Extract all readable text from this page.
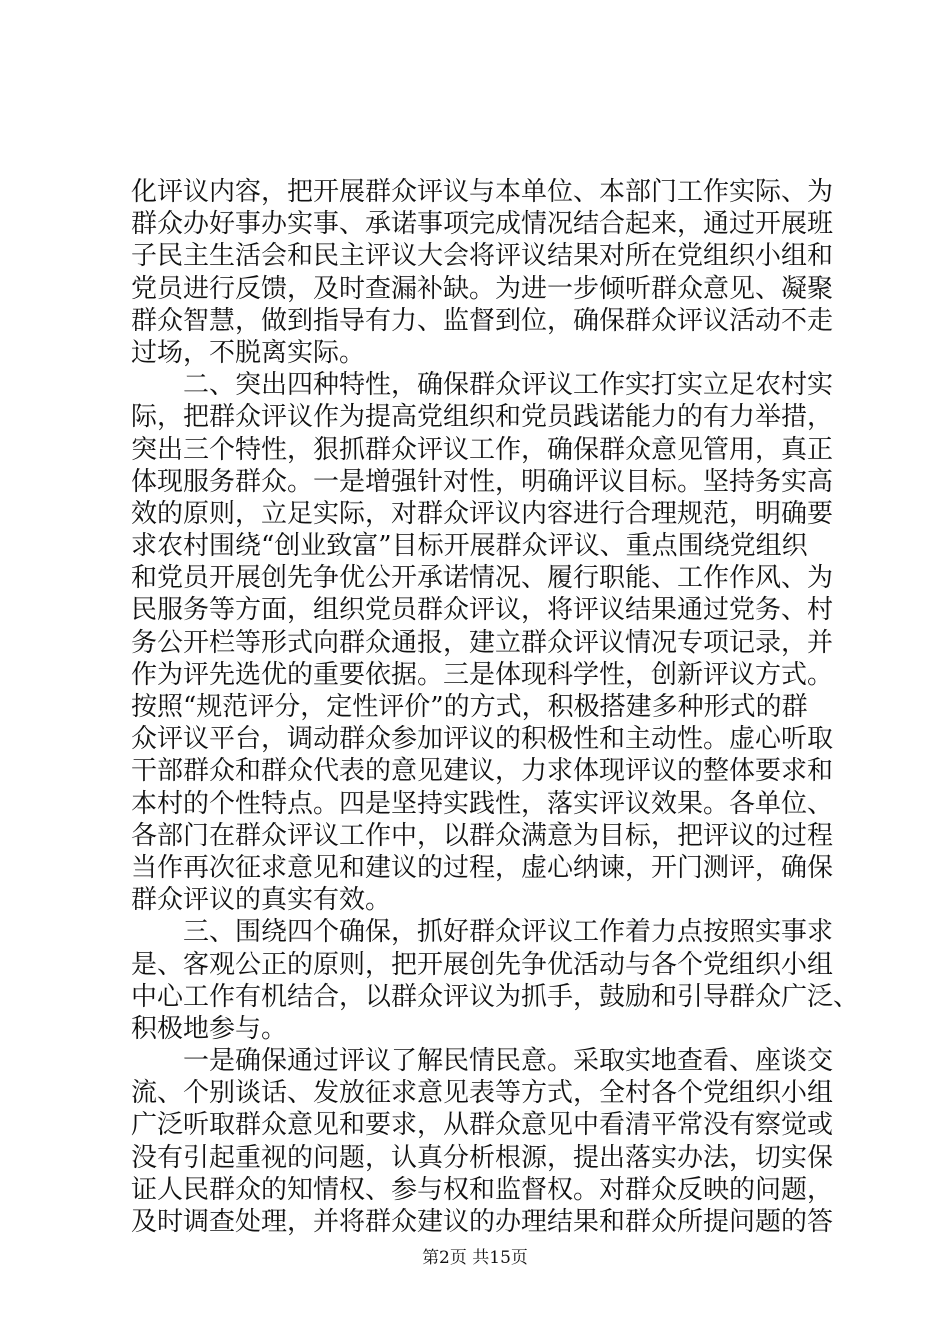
化评议内容，把开展群众评议与本单位、本部门工作实际、为
群众办好事办实事、承诺事项完成情况结合起来，通过开展班
子民主生活会和民主评议大会将评议结果对所在党组织小组和
党员进行反馈，及时查漏补缺。为进一步倾听群众意见、凝聚
群众智慧，做到指导有力、监督到位，确保群众评议活动不走
过场，不脱离实际。
　　二、突出四种特性，确保群众评议工作实打实立足农村实
际，把群众评议作为提高党组织和党员践诺能力的有力举措，
突出三个特性，狠抓群众评议工作，确保群众意见管用，真正
体现服务群众。一是增强针对性，明确评议目标。坚持务实高
效的原则，立足实际，对群众评议内容进行合理规范，明确要
求农村围绕“创业致富”目标开展群众评议、重点围绕党组织
和党员开展创先争优公开承诺情况、履行职能、工作作风、为
民服务等方面，组织党员群众评议，将评议结果通过党务、村
务公开栏等形式向群众通报，建立群众评议情况专项记录，并
作为评先选优的重要依据。三是体现科学性，创新评议方式。
按照“规范评分，定性评价”的方式，积极搭建多种形式的群
众评议平台，调动群众参加评议的积极性和主动性。虚心听取
干部群众和群众代表的意见建议，力求体现评议的整体要求和
本村的个性特点。四是坚持实践性，落实评议效果。各单位、
各部门在群众评议工作中，以群众满意为目标，把评议的过程
当作再次征求意见和建议的过程，虚心纳谏，开门测评，确保
群众评议的真实有效。
　　三、围绕四个确保，抓好群众评议工作着力点按照实事求
是、客观公正的原则，把开展创先争优活动与各个党组织小组
中心工作有机结合，以群众评议为抓手，鼓励和引导群众广泛、
积极地参与。
　　一是确保通过评议了解民情民意。采取实地查看、座谈交
流、个别谈话、发放征求意见表等方式，全村各个党组织小组
广泛听取群众意见和要求，从群众意见中看清平常没有察觉或
没有引起重视的问题，认真分析根源，提出落实办法，切实保
证人民群众的知情权、参与权和监督权。对群众反映的问题，
及时调查处理，并将群众建议的办理结果和群众所提问题的答
第2页 共15页
